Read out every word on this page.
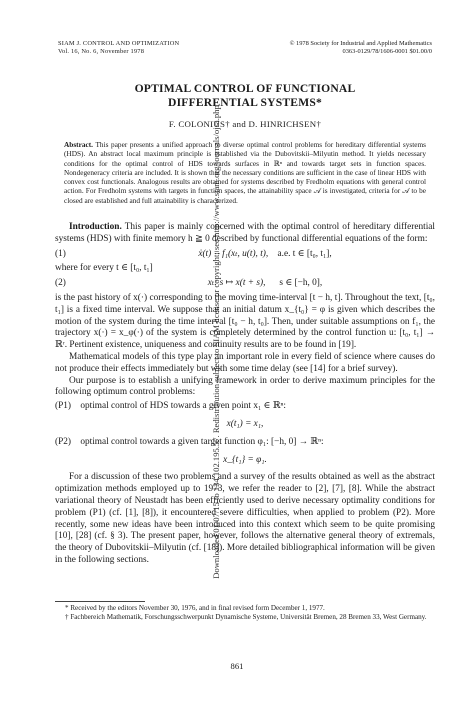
Downloaded 01/07/15 to 134.102.195.57. Redistribution subject to SIAM license or copyright; see http://www.siam.org/journals/ojsa.php
SIAM J. CONTROL AND OPTIMIZATION
Vol. 16, No. 6, November 1978
© 1978 Society for Industrial and Applied Mathematics
0363-0129/78/1606-0001 $01.00/0
OPTIMAL CONTROL OF FUNCTIONAL
DIFFERENTIAL SYSTEMS*
F. COLONIUS† and D. HINRICHSEN†
Abstract. This paper presents a unified approach to diverse optimal control problems for hereditary differential systems (HDS). An abstract local maximum principle is established via the Dubovitskii–Milyutin method. It yields necessary conditions for the optimal control of HDS towards surfaces in ℝⁿ and towards target sets in function spaces. Nondegeneracy criteria are included. It is shown that the necessary conditions are sufficient in the case of linear HDS with convex cost functionals. Analogous results are obtained for systems described by Fredholm equations with general control action. For Fredholm systems with targets in function spaces, the attainability space 𝒜 is investigated, criteria for 𝒜 to be closed are established and full attainability is characterized.

Introduction. This paper is mainly concerned with the optimal control of hereditary differential systems (HDS) with finite memory h ≧ 0 described by functional differential equations of the form:

(1)	ẋ(t) = f₁(xₜ, u(t), t), a.e. t ∈ [t₀, t₁],

where for every t ∈ [t₀, t₁]

(2)	xₜ: s ↦ x(t + s), s ∈ [−h, 0],

is the past history of x(·) corresponding to the moving time-interval [t − h, t]. Throughout the text, [t₀, t₁] is a fixed time interval. We suppose that an initial datum x_{t₀} = φ is given which describes the motion of the system during the time interval [t₀ − h, t₀]. Then, under suitable assumptions on f₁, the trajectory x(·) = x_φ(·) of the system is completely determined by the control function u: [t₀, t₁] → ℝʳ. Pertinent existence, uniqueness and continuity results are to be found in [19].

Mathematical models of this type play an important role in every field of science where causes do not produce their effects immediately but with some time delay (see [14] for a brief survey).

Our purpose is to establish a unifying framework in order to derive maximum principles for the following optimum control problems:

(P1) optimal control of HDS towards a given point x₁ ∈ ℝⁿ:
x(t₁) = x₁,
(P2) optimal control towards a given target function φ₁: [−h, 0] → ℝⁿ:
x_{t₁} = φ₁.

For a discussion of these two problems and a survey of the results obtained as well as the abstract optimization methods employed up to 1973, we refer the reader to [2], [7], [8]. While the abstract variational theory of Neustadt has been efficiently used to derive necessary optimality conditions for problem (P1) (cf. [1], [8]), it encountered severe difficulties, when applied to problem (P2). More recently, some new ideas have been introduced into this context which seem to be quite promising [10], [28] (cf. § 3). The present paper, however, follows the alternative general theory of extremals, the theory of Dubovitskii–Milyutin (cf. [18]). More detailed bibliographical information will be given in the following sections.

* Received by the editors November 30, 1976, and in final revised form December 1, 1977.

† Fachbereich Mathematik, Forschungsschwerpunkt Dynamische Systeme, Universität Bremen, 28 Bremen 33, West Germany.

861
